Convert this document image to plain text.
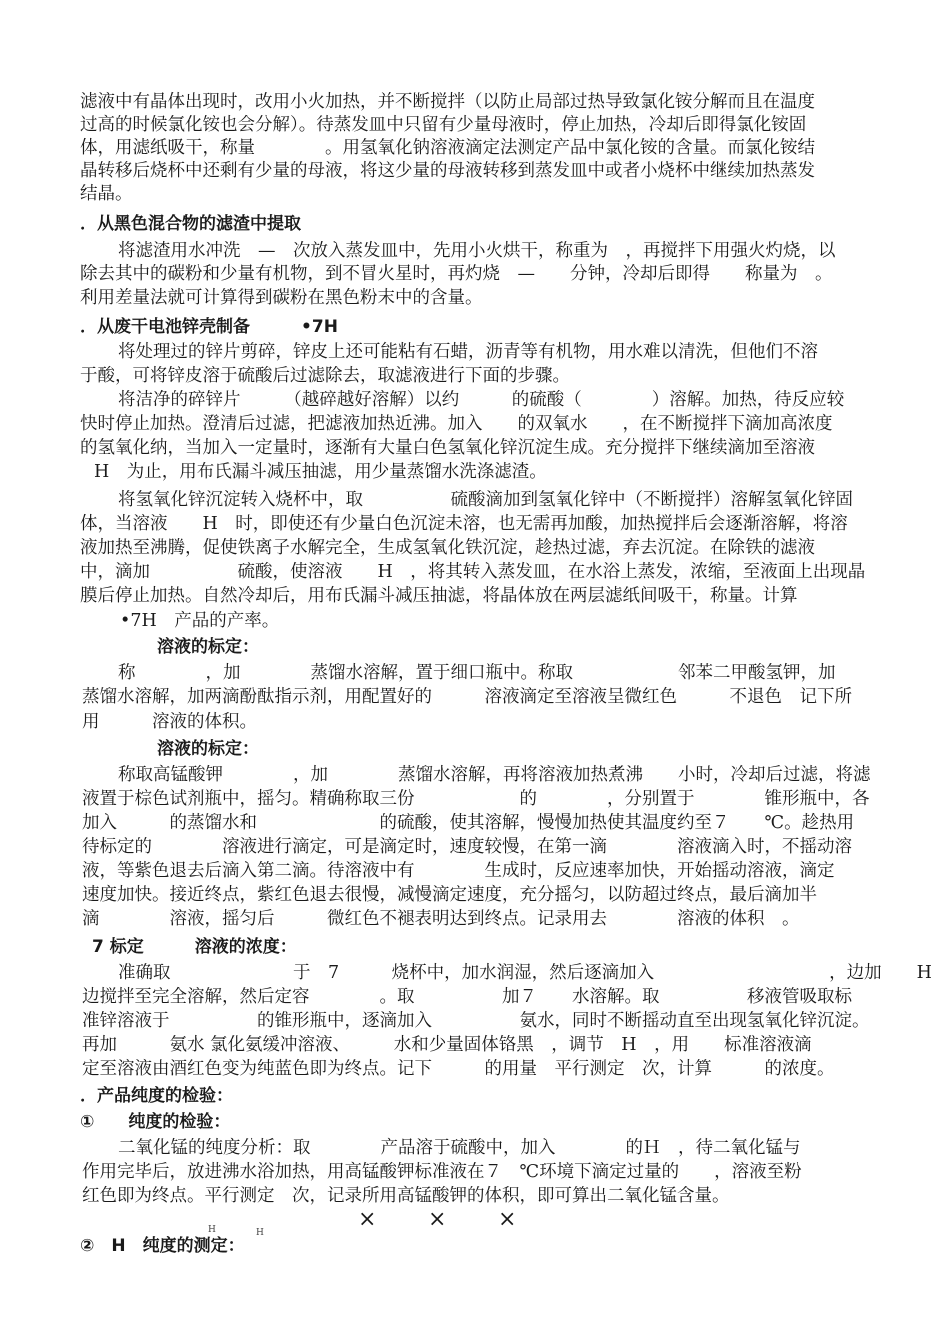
滤液中有晶体出现时，改用小火加热，并不断搅拌（以防止局部过热导致氯化铵分解而且在温度
过高的时候氯化铵也会分解）。待蒸发皿中只留有少量母液时，停止加热，冷却后即得氯化铵固
体，用滤纸吸干，称量　　　　。用氢氧化钠溶液滴定法测定产品中氯化铵的含量。而氯化铵结
晶转移后烧杯中还剩有少量的母液，将这少量的母液转移到蒸发皿中或者小烧杯中继续加热蒸发
结晶。
．从黑色混合物的滤渣中提取
将滤渣用水冲洗　—　次放入蒸发皿中，先用小火烘干，称重为　，再搅拌下用强火灼烧，以
除去其中的碳粉和少量有机物，到不冒火星时，再灼烧　—　　分钟，冷却后即得　　称量为　。
利用差量法就可计算得到碳粉在黑色粉末中的含量。
．从废干电池锌壳制备　　　•7H
将处理过的锌片剪碎，锌皮上还可能粘有石蜡，沥青等有机物，用水难以清洗，但他们不溶
于酸，可将锌皮溶于硫酸后过滤除去，取滤液进行下面的步骤。
将洁净的碎锌片　　　（越碎越好溶解）以约　　　的硫酸（　　　　）溶解。加热，待反应较
快时停止加热。澄清后过滤，把滤液加热近沸。加入　　的双氧水　　，在不断搅拌下滴加高浓度
的氢氧化纳，当加入一定量时，逐渐有大量白色氢氧化锌沉淀生成。充分搅拌下继续滴加至溶液
H　为止，用布氏漏斗减压抽滤，用少量蒸馏水洗涤滤渣。
将氢氧化锌沉淀转入烧杯中，取　　　　　硫酸滴加到氢氧化锌中（不断搅拌）溶解氢氧化锌固
体，当溶液　　H　时，即使还有少量白色沉淀未溶，也无需再加酸，加热搅拌后会逐渐溶解，将溶
液加热至沸腾，促使铁离子水解完全，生成氢氧化铁沉淀，趁热过滤，弃去沉淀。在除铁的滤液
中，滴加　　　　　硫酸，使溶液　　H　，将其转入蒸发皿，在水浴上蒸发，浓缩，至液面上出现晶
膜后停止加热。自然冷却后，用布氏漏斗减压抽滤，将晶体放在两层滤纸间吸干，称量。计算
•7H　产品的产率。
溶液的标定：
称　　　　，加　　　　蒸馏水溶解，置于细口瓶中。称取　　　　　　邻苯二甲酸氢钾，加
蒸馏水溶解，加两滴酚酞指示剂，用配置好的　　　溶液滴定至溶液呈微红色　　　不退色　记下所
用　　　溶液的体积。
溶液的标定：
称取高锰酸钾　　　　，加　　　　蒸馏水溶解，再将溶液加热煮沸　　小时，冷却后过滤，将滤
液置于棕色试剂瓶中，摇匀。精确称取三份　　　　　　的　　　　，分别置于　　　　锥形瓶中，各
加入　　　的蒸馏水和　　　　　　　的硫酸，使其溶解，慢慢加热使其温度约至７　　℃。趁热用
待标定的　　　　溶液进行滴定，可是滴定时，速度较慢，在第一滴　　　　溶液滴入时，不摇动溶
液，等紫色退去后滴入第二滴。待溶液中有　　　　生成时，反应速率加快，开始摇动溶液，滴定
速度加快。接近终点，紫红色退去很慢，减慢滴定速度，充分摇匀，以防超过终点，最后滴加半
滴　　　　溶液，摇匀后　　　微红色不褪表明达到终点。记录用去　　　　溶液的体积　。
7 标定　　　溶液的浓度：
准确取　　　　　　　于　7　　　烧杯中，加水润湿，然后逐滴加入　　　　　　　　　　，边加　　H
边搅拌至完全溶解，然后定容　　　　。取　　　　　加７　　水溶解。取　　　　　移液管吸取标
准锌溶液于　　　　　的锥形瓶中，逐滴加入　　　　　氨水，同时不断摇动直至出现氢氧化锌沉淀。
再加　　　氨水 氯化氨缓冲溶液、　　　水和少量固体铬黑　，调节　H　，用　　标准溶液滴
定至溶液由酒红色变为纯蓝色即为终点。记下　　　的用量　平行测定　次，计算　　　的浓度。
．产品纯度的检验：
①　　纯度的检验：
二氧化锰的纯度分析：取　　　　产品溶于硫酸中，加入　　　　的Ｈ　，待二氧化锰与
作用完毕后，放进沸水浴加热，用高锰酸钾标准液在７　℃环境下滴定过量的　　，溶液至粉
红色即为终点。平行测定　次，记录所用高锰酸钾的体积，即可算出二氧化锰含量。
× × ×
H	H
②　H　纯度的测定：
